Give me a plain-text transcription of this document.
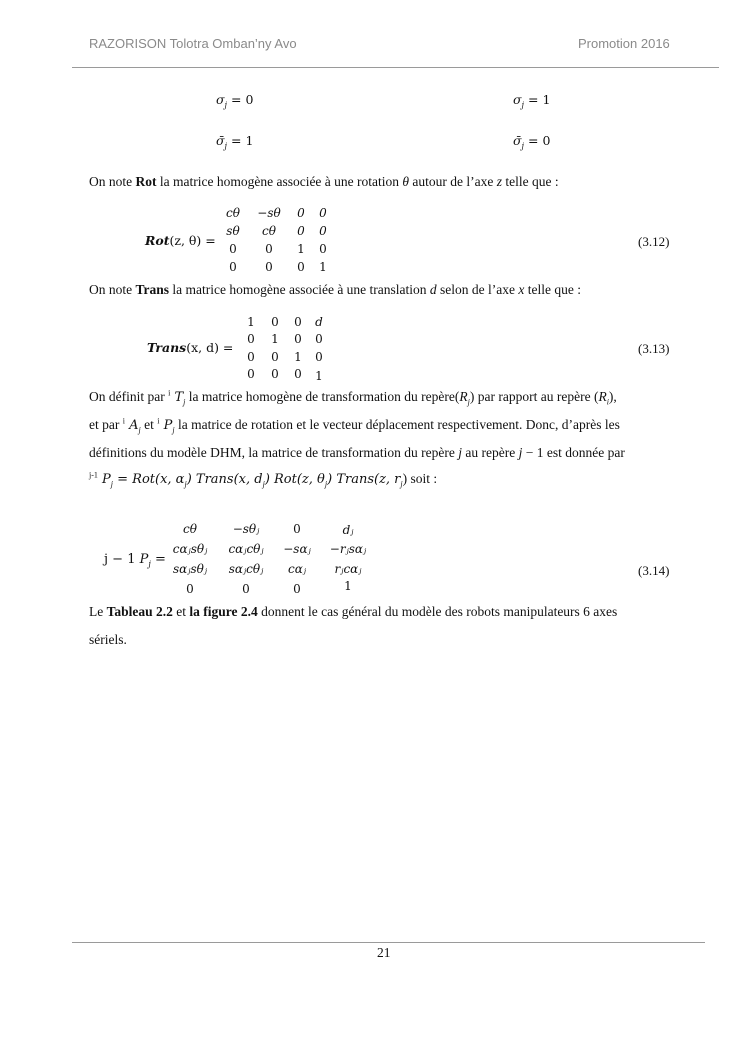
RAZORISON Tolotra Omban’ny Avo	Promotion 2016
$\sigma_j = 0$	$\sigma_j = 1$
$\sigmā_j = 1$	$\sigmā_j = 0$
On note Rot la matrice homogène associée à une rotation θ autour de l’axe z telle que :
Rot(z, θ) =
cθ −sθ 0 0
sθ cθ 0 0
0 0 1 0
0 0 0 1
(3.12)
On note Trans la matrice homogène associée à une translation d selon de l’axe x telle que :
Trans(x, d) =
1 0 0 d
0 1 0 0
0 0 1 0
0 0 0 1
(3.13)
On définit par $^i$ $T_j$ la matrice homogène de transformation du $repère(R_j)$ par rapport au repère $(R_i)$,
et par $^i$ $A_j$ et $^i$ $P_j$ la matrice de rotation et le vecteur déplacement respectivement. Donc, d’après les
définitions du modèle DHM, la matrice de transformation du repère j au repère j − 1 est donnée par
$^{j-1}$ $P_j = Rot(x$, $\alpha_j$) Trans(x, $d_j$) Rot(z, $\theta_j$) Trans(z, $r_j$) soit :
j − 1 $P_j$ =
cθ	−sθⱼ	0	dⱼ
cαⱼsθⱼ cαⱼcθⱼ −sαⱼ −rⱼsαⱼ
sαⱼsθⱼ sαⱼcθⱼ cαⱼ rⱼcαⱼ
0	0	0	1
(3.14)
Le Tableau 2.2 et la figure 2.4 donnent le cas général du modèle des robots manipulateurs 6 axes
sériels.
21
